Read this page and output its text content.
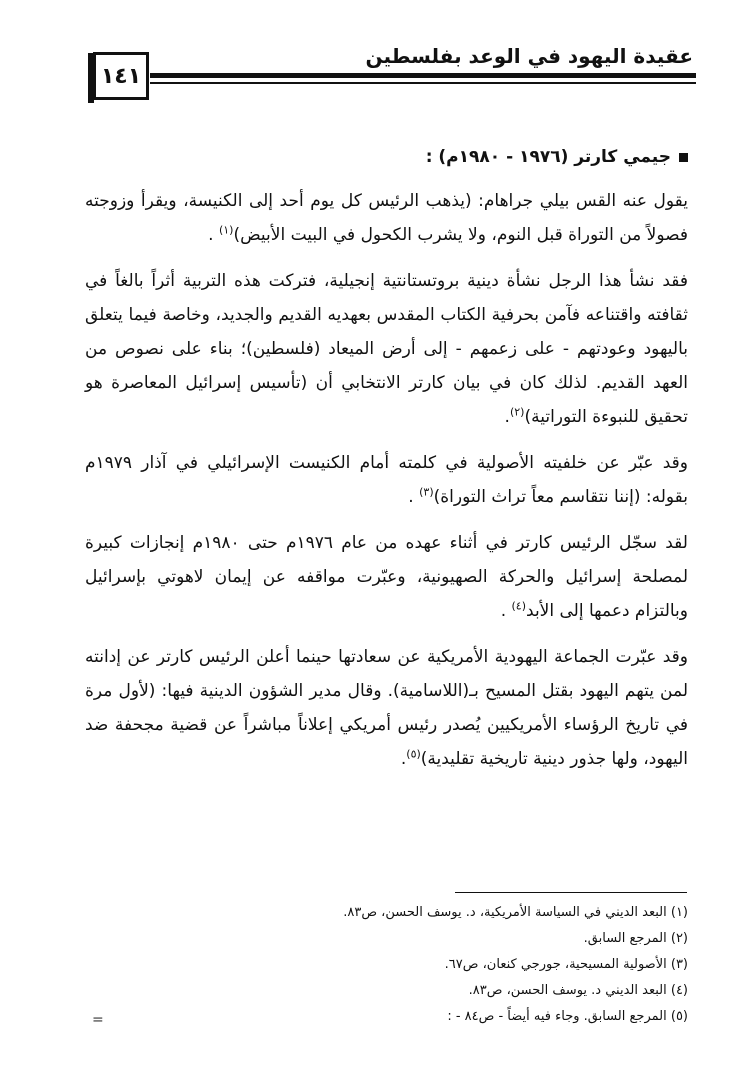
عقيدة اليهود في الوعد بفلسطين
١٤١
جيمي كارتر (١٩٧٦ - ١٩٨٠م) :

يقول عنه القس بيلي جراهام: (يذهب الرئيس كل يوم أحد إلى الكنيسة، ويقرأ وزوجته فصولاً من التوراة قبل النوم، ولا يشرب الكحول في البيت الأبيض)$^{(١)}$ .

فقد نشأ هذا الرجل نشأة دينية بروتستانتية إنجيلية، فتركت هذه التربية أثراً بالغاً في ثقافته واقتناعه فآمن بحرفية الكتاب المقدس بعهديه القديم والجديد، وخاصة فيما يتعلق باليهود وعودتهم - على زعمهم - إلى أرض الميعاد (فلسطين)؛ بناء على نصوص من العهد القديم. لذلك كان في بيان كارتر الانتخابي أن (تأسيس إسرائيل المعاصرة هو تحقيق للنبوءة التوراتية)$^{(٢)}$.

وقد عبّر عن خلفيته الأصولية في كلمته أمام الكنيست الإسرائيلي في آذار ١٩٧٩م بقوله: (إننا نتقاسم معاً تراث التوراة)$^{(٣)}$ .

لقد سجّل الرئيس كارتر في أثناء عهده من عام ١٩٧٦م حتى ١٩٨٠م إنجازات كبيرة لمصلحة إسرائيل والحركة الصهيونية، وعبّرت مواقفه عن إيمان لاهوتي بإسرائيل وبالتزام دعمها إلى الأبد$^{(٤)}$ .

وقد عبّرت الجماعة اليهودية الأمريكية عن سعادتها حينما أعلن الرئيس كارتر عن إدانته لمن يتهم اليهود بقتل المسيح بـ(اللاسامية). وقال مدير الشؤون الدينية فيها: (لأول مرة في تاريخ الرؤساء الأمريكيين يُصدر رئيس أمريكي إعلاناً مباشراً عن قضية مجحفة ضد اليهود، ولها جذور دينية تاريخية تقليدية)$^{(٥)}$.

(١) البعد الديني في السياسة الأمريكية، د. يوسف الحسن، ص٨٣.
(٢) المرجع السابق.
(٣) الأصولية المسيحية، جورجي كنعان، ص٦٧.
(٤) البعد الديني د. يوسف الحسن، ص٨٣.
(٥) المرجع السابق. وجاء فيه أيضاً - ص٨٤ - :
=
